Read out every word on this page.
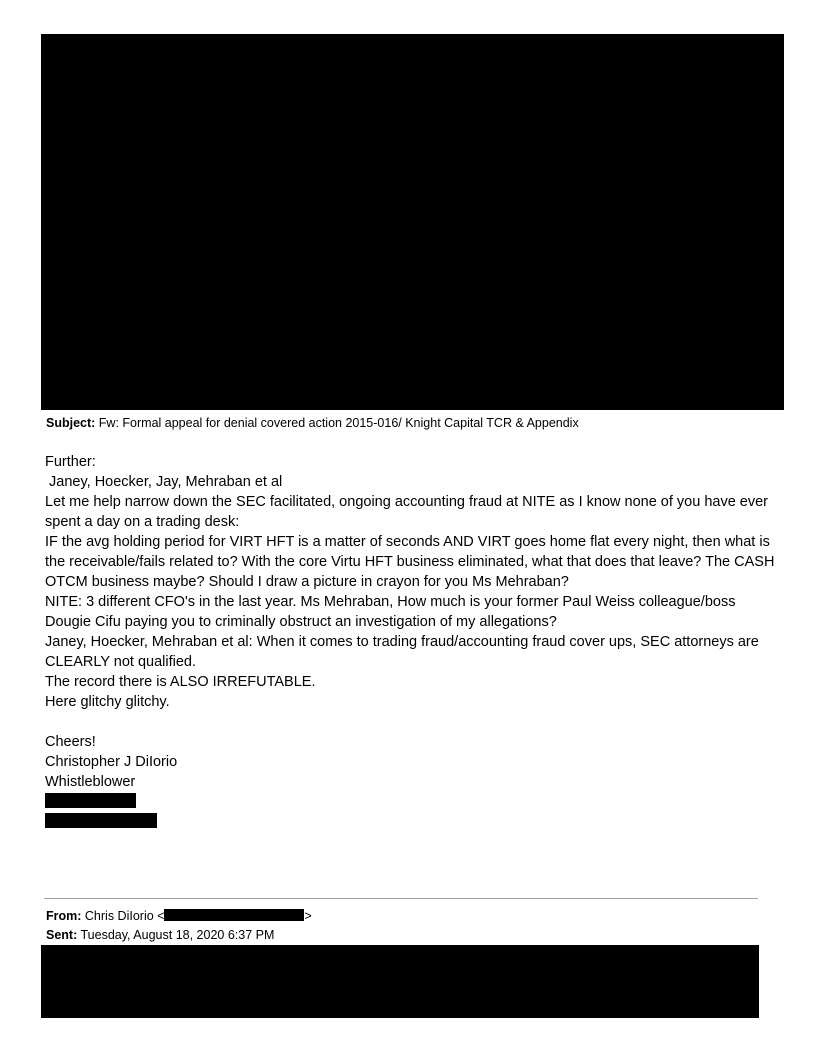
Subject: Fw: Formal appeal for denial covered action 2015-016/ Knight Capital TCR & Appendix

Further:

Janey, Hoecker, Jay, Mehraban et al

Let me help narrow down the SEC facilitated, ongoing accounting fraud at NITE as I know none of you have ever spent a day on a trading desk:

IF the avg holding period for VIRT HFT is a matter of seconds AND VIRT goes home flat every night, then what is the receivable/fails related to? With the core Virtu HFT business eliminated, what that does that leave? The CASH OTCM business maybe? Should I draw a picture in crayon for you Ms Mehraban?

NITE: 3 different CFO's in the last year. Ms Mehraban, How much is your former Paul Weiss colleague/boss Dougie Cifu paying you to criminally obstruct an investigation of my allegations?

Janey, Hoecker, Mehraban et al: When it comes to trading fraud/accounting fraud cover ups, SEC attorneys are CLEARLY not qualified.

The record there is ALSO IRREFUTABLE.

Here glitchy glitchy.

Cheers!

Christopher J DiIorio

Whistleblower

From: Chris DiIorio <	>
Sent: Tuesday, August 18, 2020 6:37 PM
